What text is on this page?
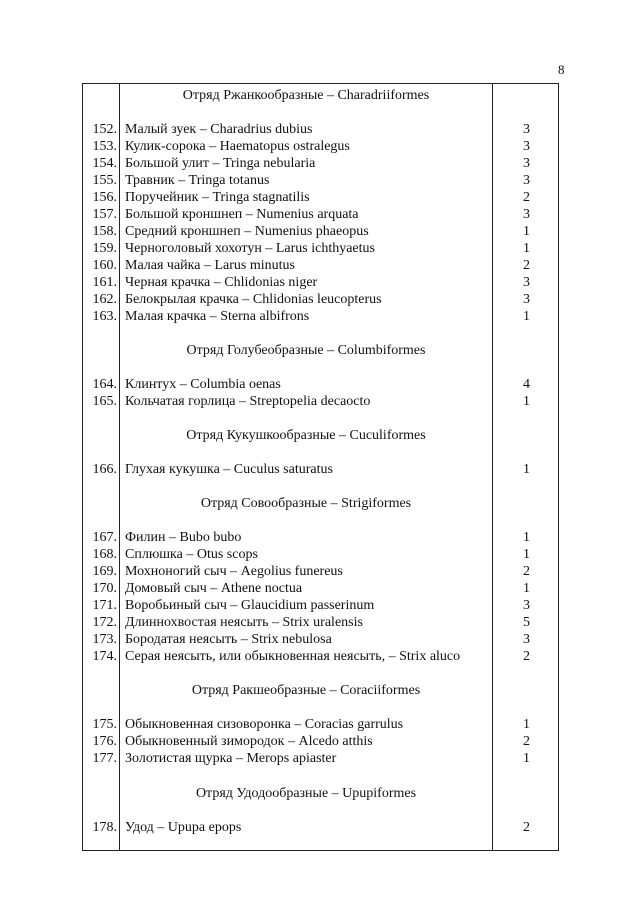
8
Отряд Ржанкообразные – Charadriiformes
152. Малый зуек – Charadrius dubius	3
153. Кулик-сорока – Haematopus ostralegus	3
154. Большой улит – Tringa nebularia	3
155. Травник – Tringa totanus	3
156. Поручейник – Tringa stagnatilis	2
157. Большой кроншнеп – Numenius arquata	3
158. Средний кроншнеп – Numenius phaeopus	1
159. Черноголовый хохотун – Larus ichthyaetus	1
160. Малая чайка – Larus minutus	2
161. Черная крачка – Chlidonias niger	3
162. Белокрылая крачка – Chlidonias leucopterus	3
163. Малая крачка – Sterna albifrons	1
Отряд Голубеобразные – Columbiformes
164. Клинтух – Columbia oenas	4
165. Кольчатая горлица – Streptopelia decaocto	1
Отряд Кукушкообразные – Cuculiformes
166. Глухая кукушка – Cuculus saturatus	1
Отряд Совообразные – Strigiformes
167. Филин – Bubo bubo	1
168. Сплюшка – Otus scops	1
169. Мохноногий сыч – Aegolius funereus	2
170. Домовый сыч – Athene noctua	1
171. Воробьиный сыч – Glaucidium passerinum	3
172. Длиннохвостая неясыть – Strix uralensis	5
173. Бородатая неясыть – Strix nebulosa	3
174. Серая неясыть, или обыкновенная неясыть, – Strix aluco	2
Отряд Ракшеобразные – Coraciiformes
175. Обыкновенная сизоворонка – Coracias garrulus	1
176. Обыкновенный зимородок – Alcedo atthis	2
177. Золотистая щурка – Merops apiaster	1
Отряд Удодообразные – Upupiformes
178. Удод – Upupa epops	2
